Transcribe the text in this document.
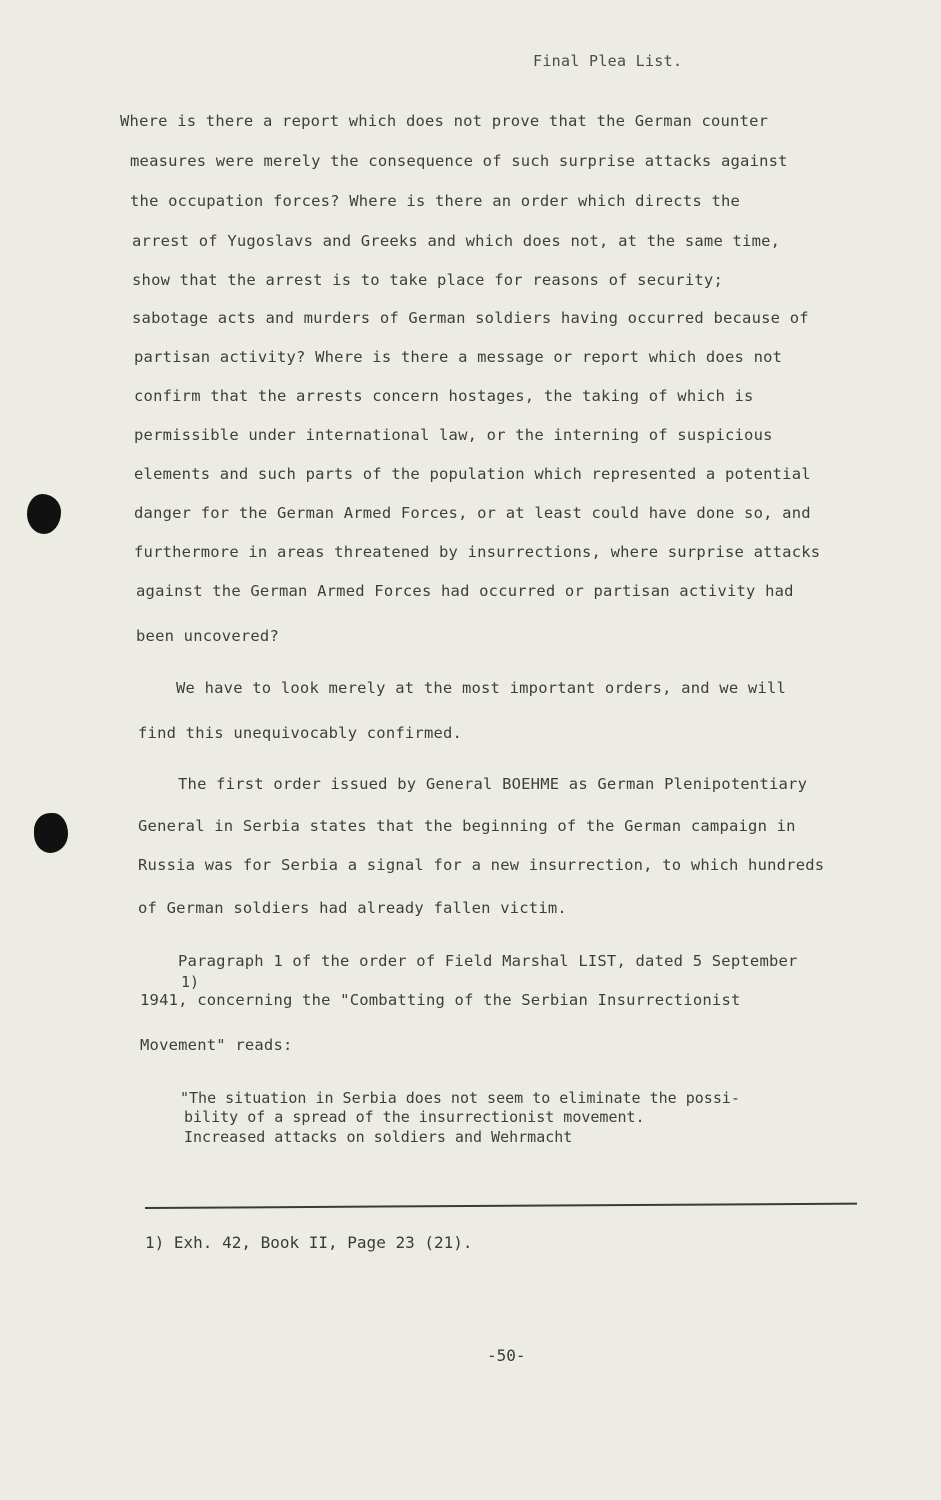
Final Plea List.
Where is there a report which does not prove that the German counter
measures were merely the consequence of such surprise attacks against
the occupation forces? Where is there an order which directs the
arrest of Yugoslavs and Greeks and which does not, at the same time,
show that the arrest is to take place for reasons of security;
sabotage acts and murders of German soldiers having occurred because of
partisan activity? Where is there a message or report which does not
confirm that the arrests concern hostages, the taking of which is
permissible under international law, or the interning of suspicious
elements and such parts of the population which represented a potential
danger for the German Armed Forces, or at least could have done so, and
furthermore in areas threatened by insurrections, where surprise attacks
against the German Armed Forces had occurred or partisan activity had
been uncovered?
We have to look merely at the most important orders, and we will
find this unequivocably confirmed.
The first order issued by General BOEHME as German Plenipotentiary
General in Serbia states that the beginning of the German campaign in
Russia was for Serbia a signal for a new insurrection, to which hundreds
of German soldiers had already fallen victim.
Paragraph 1 of the order of Field Marshal LIST, dated 5 September
1)
1941, concerning the "Combatting of the Serbian Insurrectionist
Movement" reads:
"The situation in Serbia does not seem to eliminate the possi-
bility of a spread of the insurrectionist movement.
Increased attacks on soldiers and Wehrmacht
1) Exh. 42, Book II, Page 23 (21).
-50-
